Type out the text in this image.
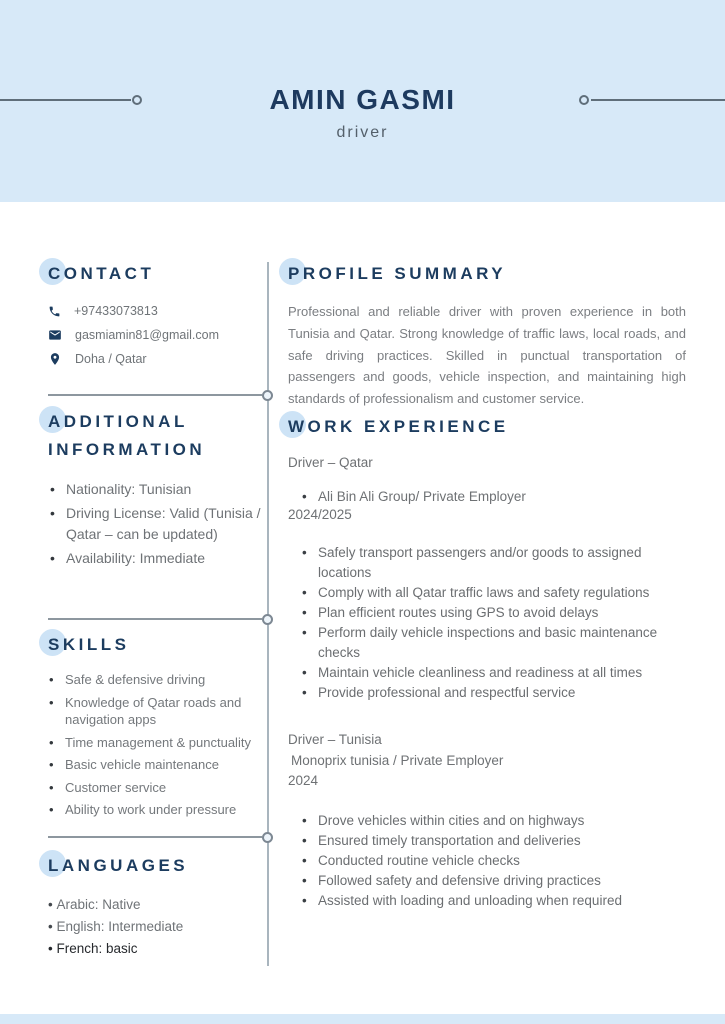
AMIN GASMI
driver
CONTACT
+97433073813
gasmiamin81@gmail.com
Doha / Qatar
ADDITIONAL INFORMATION
• Nationality: Tunisian
• Driving License: Valid (Tunisia / Qatar – can be updated)
• Availability: Immediate
SKILLS
• Safe & defensive driving
• Knowledge of Qatar roads and navigation apps
• Time management & punctuality
• Basic vehicle maintenance
• Customer service
• Ability to work under pressure
LANGUAGES
• Arabic: Native
• English: Intermediate
• French: basic
PROFILE SUMMARY

Professional and reliable driver with proven experience in both Tunisia and Qatar. Strong knowledge of traffic laws, local roads, and safe driving practices. Skilled in punctual transportation of passengers and goods, vehicle inspection, and maintaining high standards of professionalism and customer service.

WORK EXPERIENCE
Driver – Qatar
• Ali Bin Ali Group/ Private Employer
2024/2025
• Safely transport passengers and/or goods to assigned locations
• Comply with all Qatar traffic laws and safety regulations
• Plan efficient routes using GPS to avoid delays
• Perform daily vehicle inspections and basic maintenance checks
• Maintain vehicle cleanliness and readiness at all times
• Provide professional and respectful service
Driver – Tunisia
Monoprix tunisia / Private Employer
2024
• Drove vehicles within cities and on highways
• Ensured timely transportation and deliveries
• Conducted routine vehicle checks
• Followed safety and defensive driving practices
• Assisted with loading and unloading when required
